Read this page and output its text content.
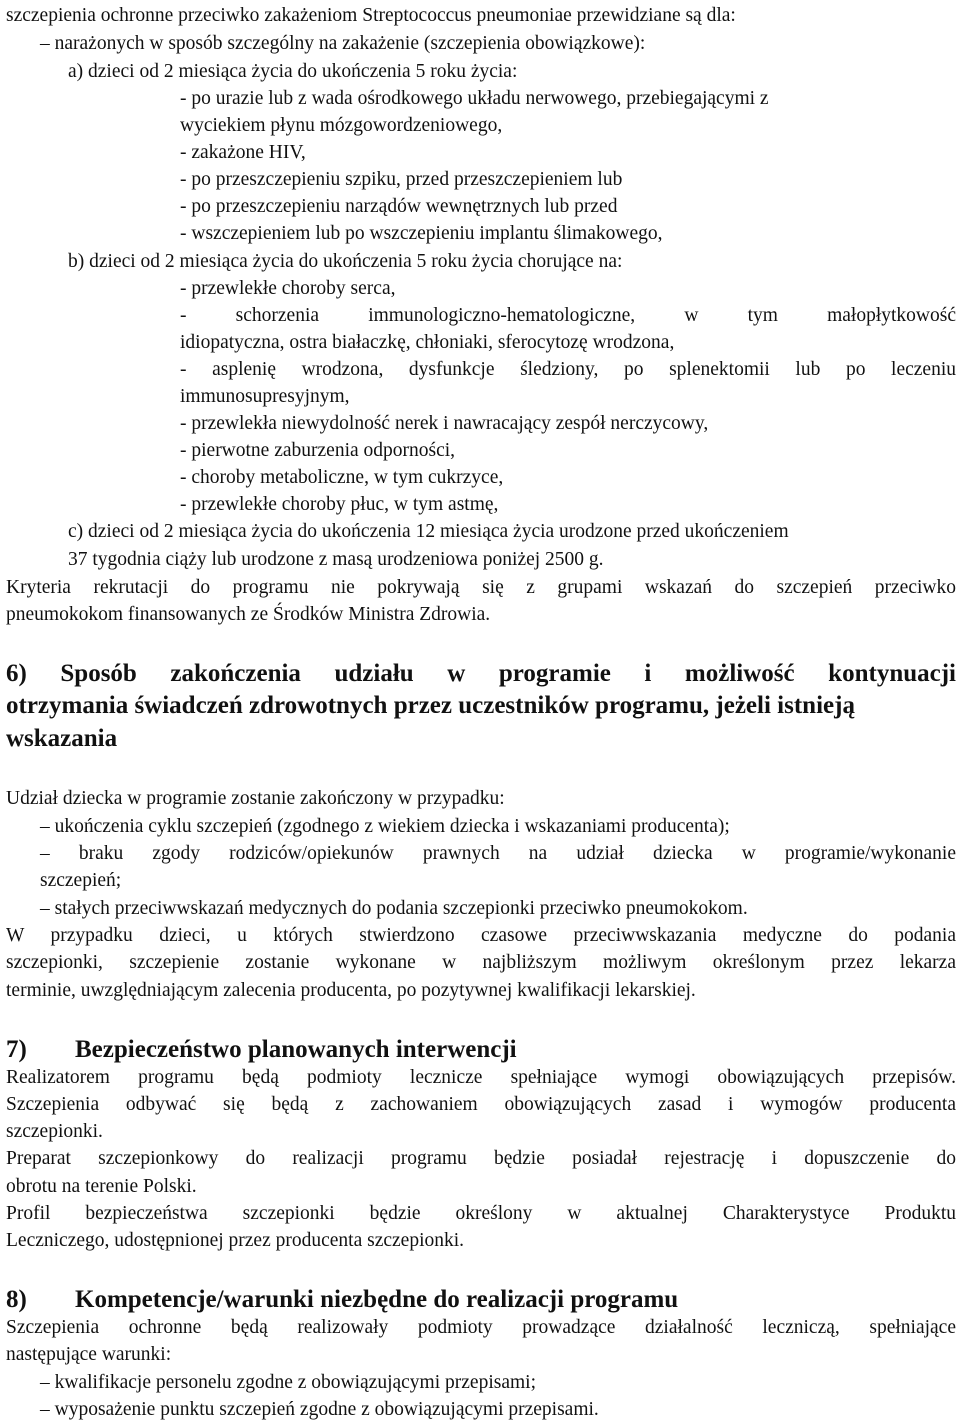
szczepienia ochronne przeciwko zakażeniom Streptococcus pneumoniae przewidziane są dla:
– narażonych w sposób szczególny na zakażenie (szczepienia obowiązkowe):
a) dzieci od 2 miesiąca życia do ukończenia 5 roku życia:
- po urazie lub z wada ośrodkowego układu nerwowego, przebiegającymi z
wyciekiem płynu mózgowordzeniowego,
- zakażone HIV,
- po przeszczepieniu szpiku, przed przeszczepieniem lub
- po przeszczepieniu narządów wewnętrznych lub przed
- wszczepieniem lub po wszczepieniu implantu ślimakowego,
b) dzieci od 2 miesiąca życia do ukończenia 5 roku życia chorujące na:
- przewlekłe choroby serca,
- schorzenia immunologiczno-hematologiczne, w tym małopłytkowość
idiopatyczna, ostra białaczkę, chłoniaki, sferocytozę wrodzona,
- asplenię wrodzona, dysfunkcje śledziony, po splenektomii lub po leczeniu
immunosupresyjnym,
- przewlekła niewydolność nerek i nawracający zespół nerczycowy,
- pierwotne zaburzenia odporności,
- choroby metaboliczne, w tym cukrzyce,
- przewlekłe choroby płuc, w tym astmę,
c) dzieci od 2 miesiąca życia do ukończenia 12 miesiąca życia urodzone przed ukończeniem
37 tygodnia ciąży lub urodzone z masą urodzeniowa poniżej 2500 g.
Kryteria rekrutacji do programu nie pokrywają się z grupami wskazań do szczepień przeciwko
pneumokokom finansowanych ze Środków Ministra Zdrowia.
6) Sposób zakończenia udziału w programie i możliwość kontynuacji
otrzymania świadczeń zdrowotnych przez uczestników programu, jeżeli istnieją
wskazania
Udział dziecka w programie zostanie zakończony w przypadku:
– ukończenia cyklu szczepień (zgodnego z wiekiem dziecka i wskazaniami producenta);
– braku zgody rodziców/opiekunów prawnych na udział dziecka w programie/wykonanie
szczepień;
– stałych przeciwwskazań medycznych do podania szczepionki przeciwko pneumokokom.
W przypadku dzieci, u których stwierdzono czasowe przeciwwskazania medyczne do podania
szczepionki, szczepienie zostanie wykonane w najbliższym możliwym określonym przez lekarza
terminie, uwzględniającym zalecenia producenta, po pozytywnej kwalifikacji lekarskiej.
7) Bezpieczeństwo planowanych interwencji
Realizatorem programu będą podmioty lecznicze spełniające wymogi obowiązujących przepisów.
Szczepienia odbywać się będą z zachowaniem obowiązujących zasad i wymogów producenta
szczepionki.
Preparat szczepionkowy do realizacji programu będzie posiadał rejestrację i dopuszczenie do
obrotu na terenie Polski.
Profil bezpieczeństwa szczepionki będzie określony w aktualnej Charakterystyce Produktu
Leczniczego, udostępnionej przez producenta szczepionki.
8) Kompetencje/warunki niezbędne do realizacji programu
Szczepienia ochronne będą realizowały podmioty prowadzące działalność leczniczą, spełniające
następujące warunki:
– kwalifikacje personelu zgodne z obowiązującymi przepisami;
– wyposażenie punktu szczepień zgodne z obowiązującymi przepisami.
